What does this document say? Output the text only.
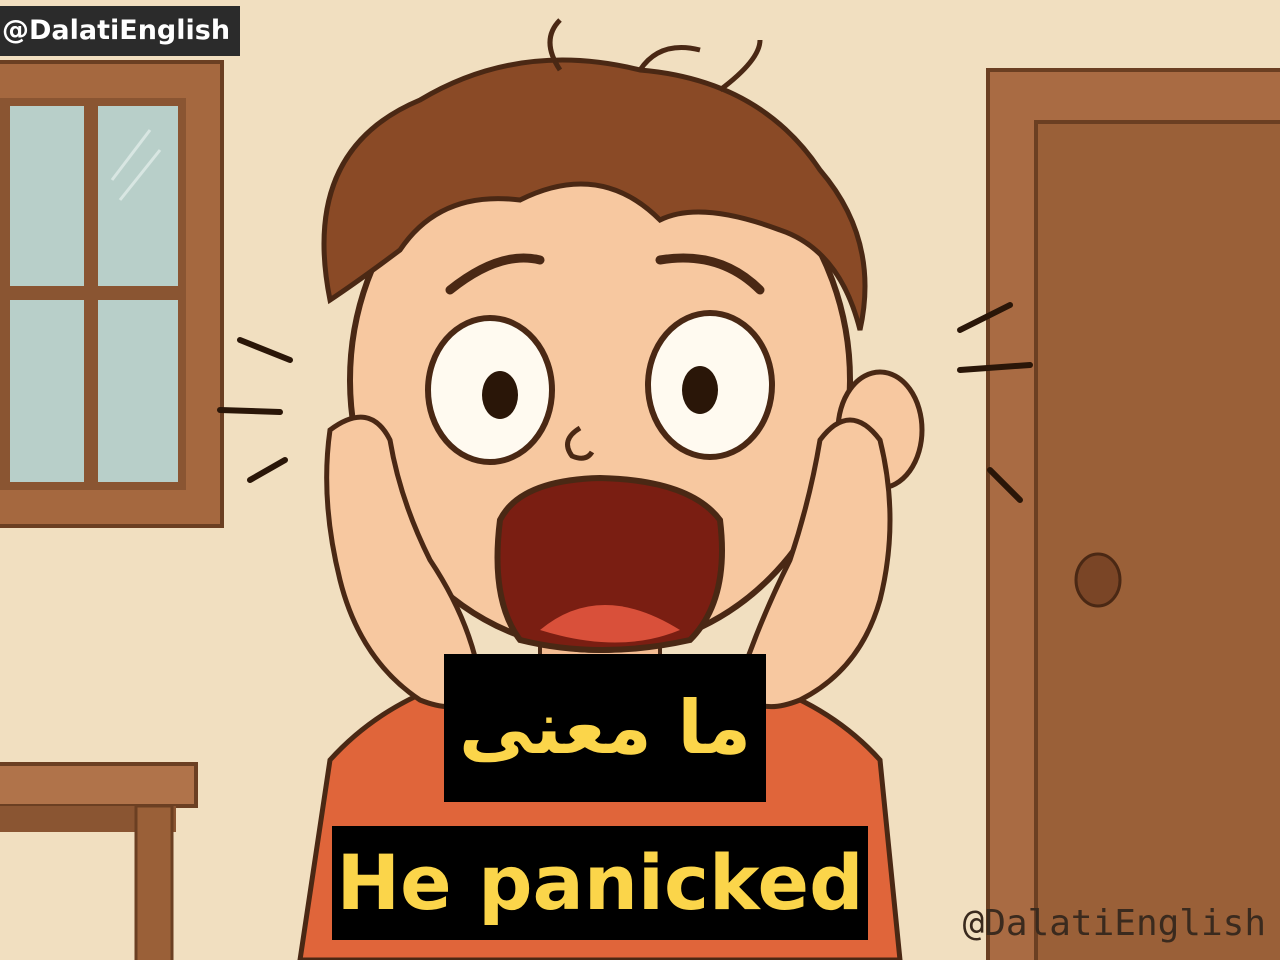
@DalatiEnglish
ما معنى
He panicked	@DalatiEnglish
